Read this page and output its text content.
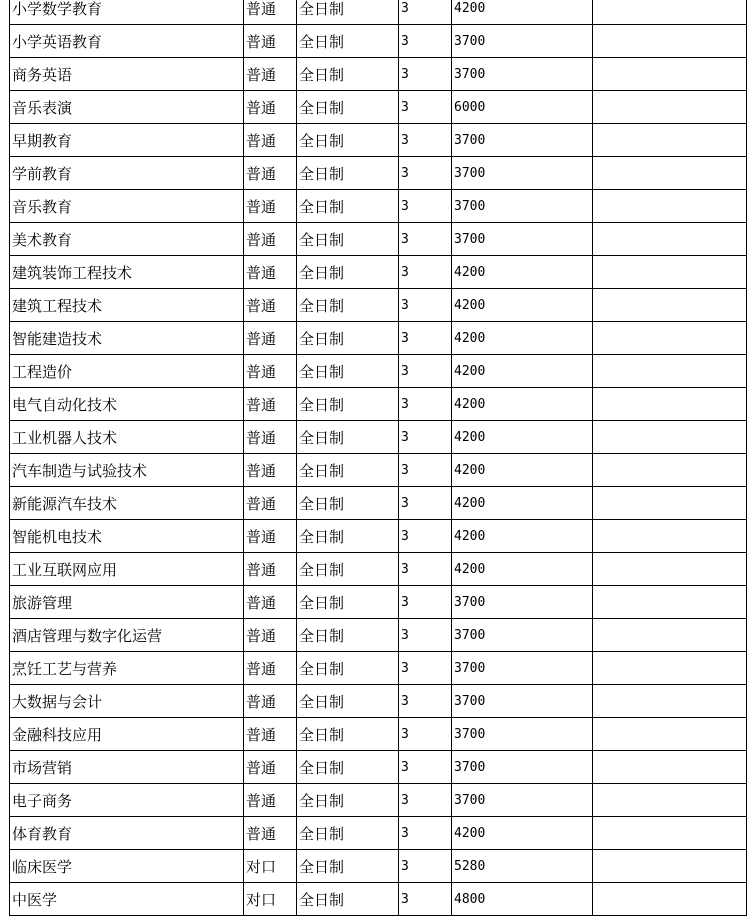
小学数学教育	普通	全日制	3	4200	
小学英语教育	普通	全日制	3	3700	
商务英语	普通	全日制	3	3700	
音乐表演	普通	全日制	3	6000	
早期教育	普通	全日制	3	3700	
学前教育	普通	全日制	3	3700	
音乐教育	普通	全日制	3	3700	
美术教育	普通	全日制	3	3700	
建筑装饰工程技术	普通	全日制	3	4200	
建筑工程技术	普通	全日制	3	4200	
智能建造技术	普通	全日制	3	4200	
工程造价	普通	全日制	3	4200	
电气自动化技术	普通	全日制	3	4200	
工业机器人技术	普通	全日制	3	4200	
汽车制造与试验技术	普通	全日制	3	4200	
新能源汽车技术	普通	全日制	3	4200	
智能机电技术	普通	全日制	3	4200	
工业互联网应用	普通	全日制	3	4200	
旅游管理	普通	全日制	3	3700	
酒店管理与数字化运营	普通	全日制	3	3700	
烹饪工艺与营养	普通	全日制	3	3700	
大数据与会计	普通	全日制	3	3700	
金融科技应用	普通	全日制	3	3700	
市场营销	普通	全日制	3	3700	
电子商务	普通	全日制	3	3700	
体育教育	普通	全日制	3	4200	
临床医学	对口	全日制	3	5280	
中医学	对口	全日制	3	4800	
